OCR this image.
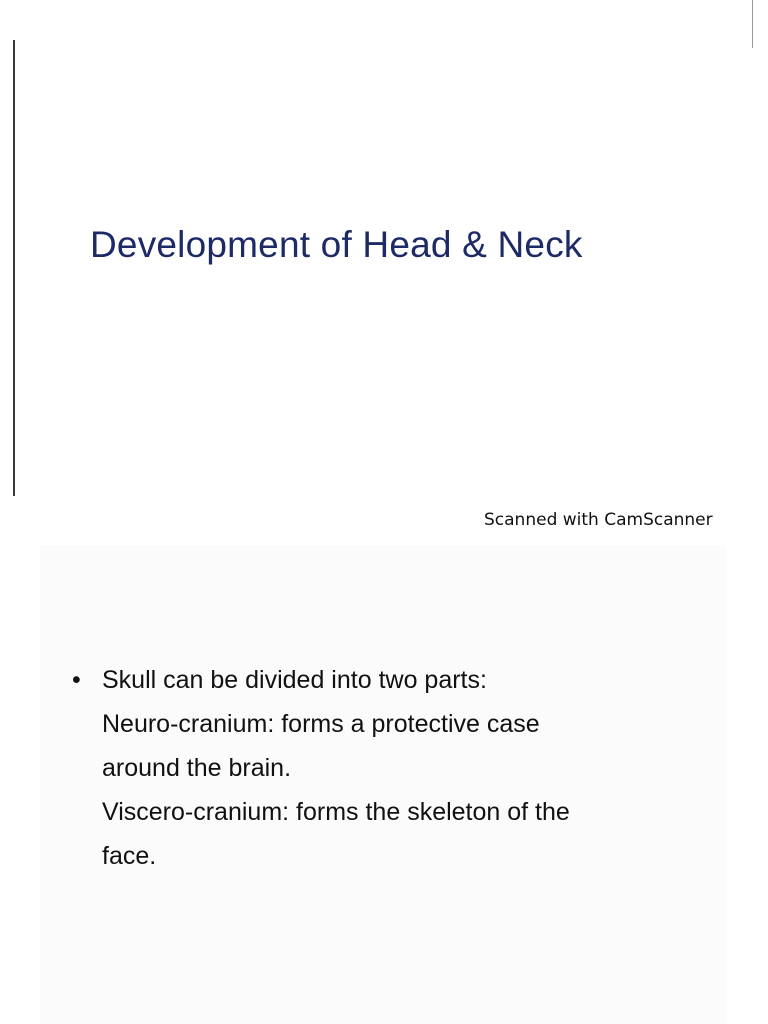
Development of Head & Neck
Scanned with CamScanner
• Skull can be divided into two parts:
Neuro-cranium: forms a protective case
around the brain.
Viscero-cranium: forms the skeleton of the
face.
